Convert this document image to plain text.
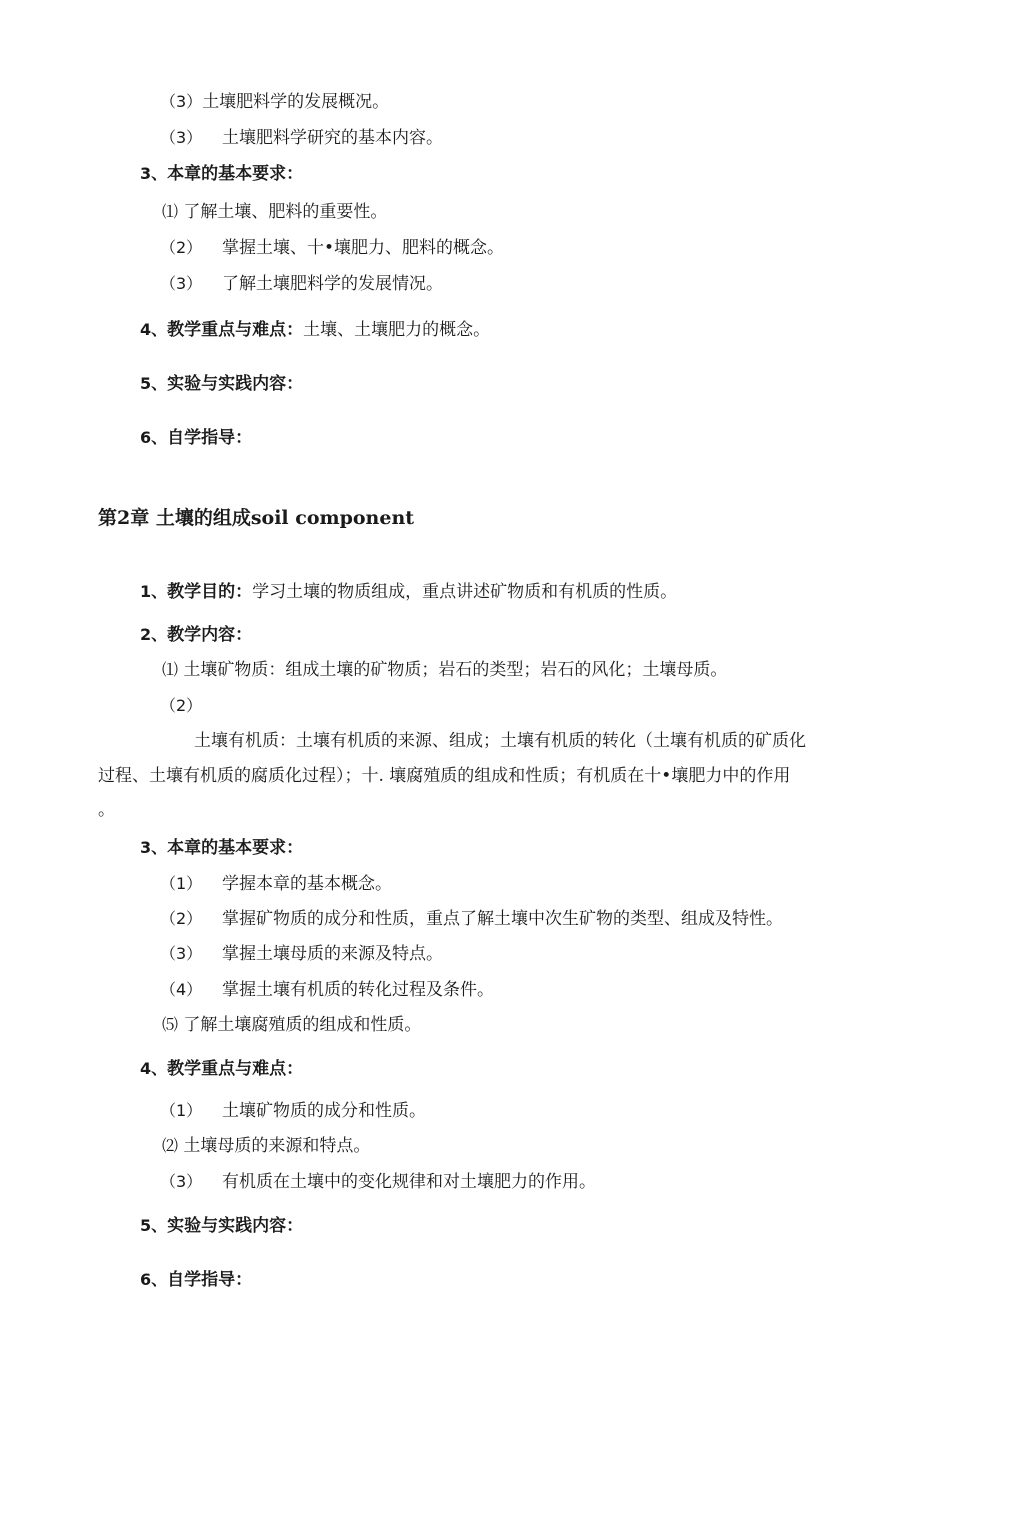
（3）土壤肥料学的发展概况。
（3） 土壤肥料学研究的基本内容。
3、本章的基本要求：
⑴ 了解土壤、肥料的重要性。
（2） 掌握土壤、十•壤肥力、肥料的概念。
（3） 了解土壤肥料学的发展情况。
4、教学重点与难点：土壤、土壤肥力的概念。
5、实验与实践内容：
6、自学指导：
第2章 土壤的组成soil component
1、教学目的：学习土壤的物质组成，重点讲述矿物质和有机质的性质。
2、教学内容：
⑴ 土壤矿物质：组成土壤的矿物质；岩石的类型；岩石的风化；土壤母质。
（2）
土壤有机质：土壤有机质的来源、组成；土壤有机质的转化（土壤有机质的矿质化
过程、土壤有机质的腐质化过程）；十. 壤腐殖质的组成和性质；有机质在十•壤肥力中的作用
。
3、本章的基本要求：
（1） 学握本章的基本概念。
（2） 掌握矿物质的成分和性质，重点了解土壤中次生矿物的类型、组成及特性。
（3） 掌握土壤母质的来源及特点。
（4） 掌握土壤有机质的转化过程及条件。
⑸ 了解土壤腐殖质的组成和性质。
4、教学重点与难点：
（1） 土壤矿物质的成分和性质。
⑵ 土壤母质的来源和特点。
（3） 有机质在土壤中的变化规律和对土壤肥力的作用。
5、实验与实践内容：
6、自学指导：
